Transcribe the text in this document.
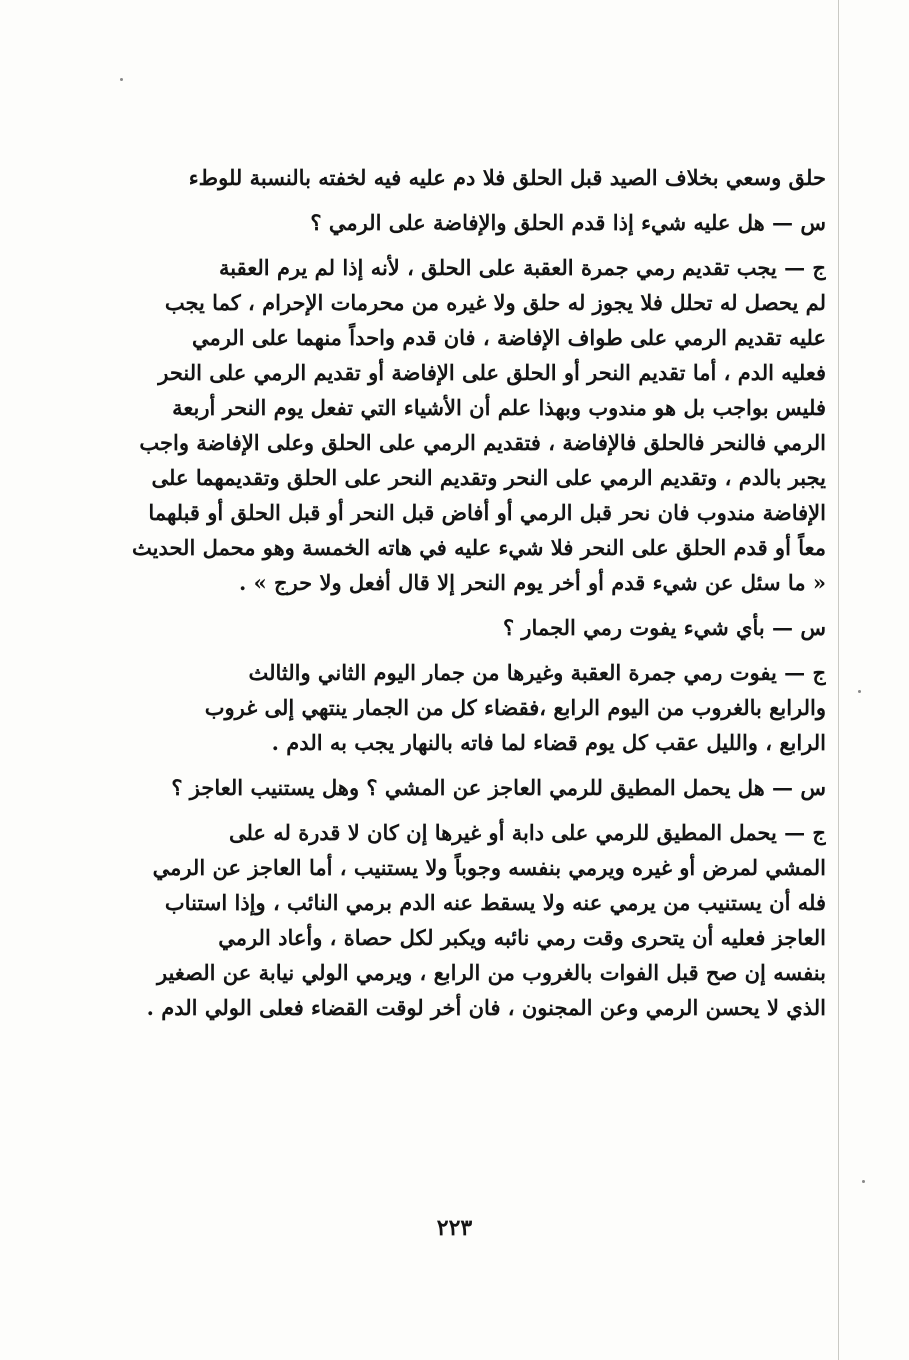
حلق وسعي بخلاف الصيد قبل الحلق فلا دم عليه فيه لخفته بالنسبة للوطء
س — هل عليه شيء إذا قدم الحلق والإفاضة على الرمي ؟
ج — يجب تقديم رمي جمرة العقبة على الحلق ، لأنه إذا لم يرم العقبة
لم يحصل له تحلل فلا يجوز له حلق ولا غيره من محرمات الإحرام ، كما يجب
عليه تقديم الرمي على طواف الإفاضة ، فان قدم واحداً منهما على الرمي
فعليه الدم ، أما تقديم النحر أو الحلق على الإفاضة أو تقديم الرمي على النحر
فليس بواجب بل هو مندوب وبهذا علم أن الأشياء التي تفعل يوم النحر أربعة
الرمي فالنحر فالحلق فالإفاضة ، فتقديم الرمي على الحلق وعلى الإفاضة واجب
يجبر بالدم ، وتقديم الرمي على النحر وتقديم النحر على الحلق وتقديمهما على
الإفاضة مندوب فان نحر قبل الرمي أو أفاض قبل النحر أو قبل الحلق أو قبلهما
معاً أو قدم الحلق على النحر فلا شيء عليه في هاته الخمسة وهو محمل الحديث
« ما سئل عن شيء قدم أو أخر يوم النحر إلا قال أفعل ولا حرج » .
س — بأي شيء يفوت رمي الجمار ؟
ج — يفوت رمي جمرة العقبة وغيرها من جمار اليوم الثاني والثالث
والرابع بالغروب من اليوم الرابع ،فقضاء كل من الجمار ينتهي إلى غروب
الرابع ، والليل عقب كل يوم قضاء لما فاته بالنهار يجب به الدم .
س — هل يحمل المطيق للرمي العاجز عن المشي ؟ وهل يستنيب العاجز ؟
ج — يحمل المطيق للرمي على دابة أو غيرها إن كان لا قدرة له على
المشي لمرض أو غيره ويرمي بنفسه وجوباً ولا يستنيب ، أما العاجز عن الرمي
فله أن يستنيب من يرمي عنه ولا يسقط عنه الدم برمي النائب ، وإذا استناب
العاجز فعليه أن يتحرى وقت رمي نائبه ويكبر لكل حصاة ، وأعاد الرمي
بنفسه إن صح قبل الفوات بالغروب من الرابع ، ويرمي الولي نيابة عن الصغير
الذي لا يحسن الرمي وعن المجنون ، فان أخر لوقت القضاء فعلى الولي الدم .
٢٢٣
